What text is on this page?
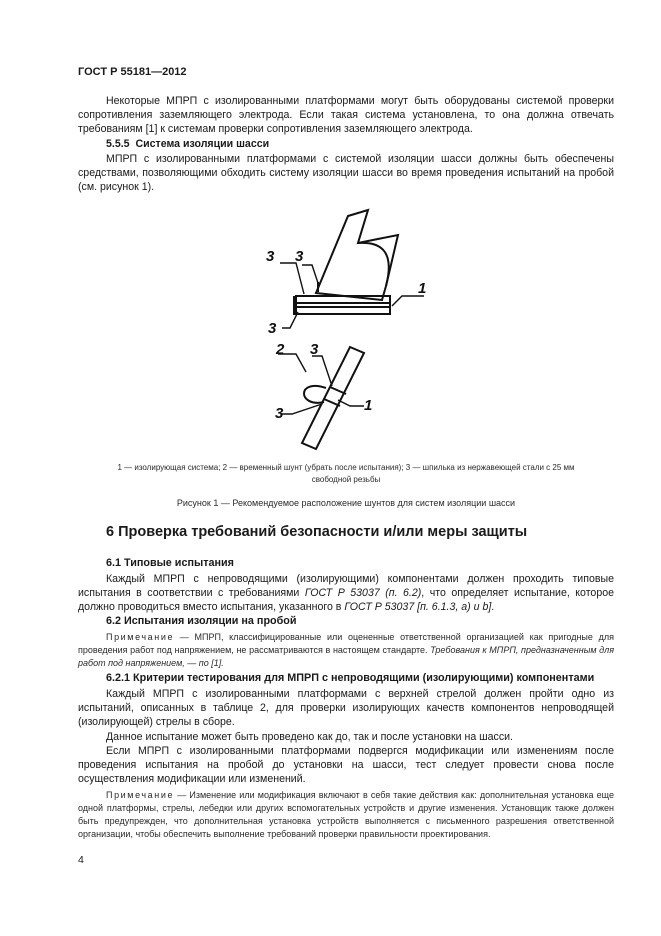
ГОСТ Р 55181—2012
Некоторые МПРП с изолированными платформами могут быть оборудованы системой проверки сопротивления заземляющего электрода. Если такая система установлена, то она должна отвечать требованиям [1] к системам проверки сопротивления заземляющего электрода.
5.5.5 Система изоляции шасси
МПРП с изолированными платформами с системой изоляции шасси должны быть обеспечены средствами, позволяющими обходить систему изоляции шасси во время проведения испытаний на пробой (см. рисунок 1).
3 3
3
1
2 3
3	1
1 — изолирующая система; 2 — временный шунт (убрать после испытания); 3 — шпилька из нержавеющей стали с 25 мм
свободной резьбы
Рисунок 1 — Рекомендуемое расположение шунтов для систем изоляции шасси
6 Проверка требований безопасности и/или меры защиты
6.1 Типовые испытания
Каждый МПРП с непроводящими (изолирующими) компонентами должен проходить типовые испытания в соответствии с требованиями ГОСТ Р 53037 (п. 6.2), что определяет испытание, которое должно проводиться вместо испытания, указанного в ГОСТ Р 53037 [п. 6.1.3, а) и b].
6.2 Испытания изоляции на пробой
Примечание — МПРП, классифицированные или оцененные ответственной организацией как пригодные для проведения работ под напряжением, не рассматриваются в настоящем стандарте. Требования к МПРП, предназначенным для работ под напряжением, — по [1].
6.2.1 Критерии тестирования для МПРП с непроводящими (изолирующими) компонентами
Каждый МПРП с изолированными платформами с верхней стрелой должен пройти одно из испытаний, описанных в таблице 2, для проверки изолирующих качеств компонентов непроводящей (изолирующей) стрелы в сборе.
Данное испытание может быть проведено как до, так и после установки на шасси.
Если МПРП с изолированными платформами подвергся модификации или изменениям после проведения испытания на пробой до установки на шасси, тест следует провести снова после осуществления модификации или изменений.
Примечание — Изменение или модификация включают в себя такие действия как: дополнительная установка еще одной платформы, стрелы, лебедки или других вспомогательных устройств и другие изменения. Установщик также должен быть предупрежден, что дополнительная установка устройств выполняется с письменного разрешения ответственной организации, чтобы обеспечить выполнение требований проверки правильности проектирования.
4
